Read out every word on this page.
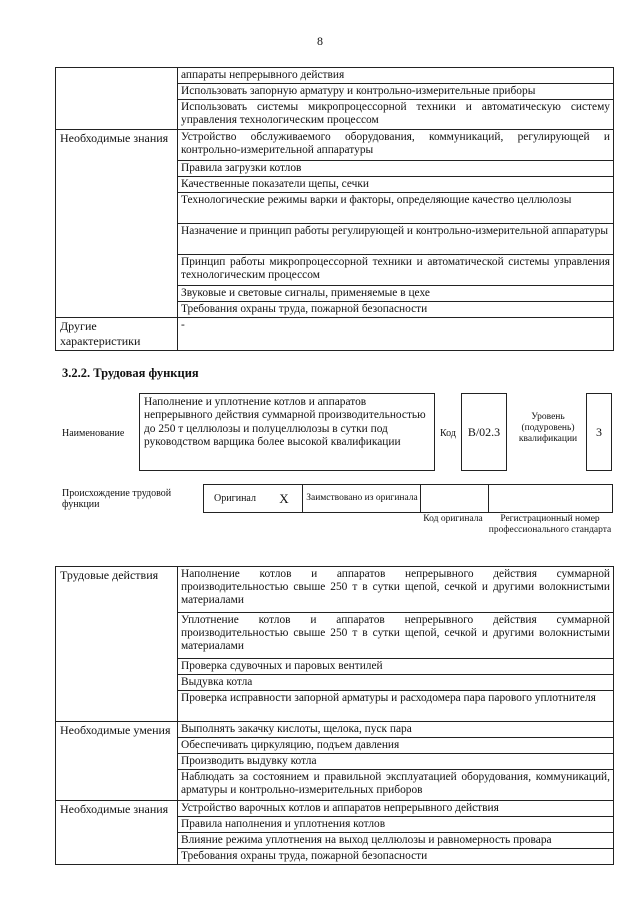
8
	аппараты непрерывного действия
	Использовать запорную арматуру и контрольно-измерительные приборы
	Использовать системы микропроцессорной техники и автоматическую систему управления технологическим процессом
Необходимые знания	Устройство обслуживаемого оборудования, коммуникаций, регулирующей и контрольно-измерительной аппаратуры
	Правила загрузки котлов
	Качественные показатели щепы, сечки
	Технологические режимы варки и факторы, определяющие качество целлюлозы
	Назначение и принцип работы регулирующей и контрольно-измерительной аппаратуры
	Принцип работы микропроцессорной техники и автоматической системы управления технологическим процессом
	Звуковые и световые сигналы, применяемые в цехе
	Требования охраны труда, пожарной безопасности
Другие характеристики	-
3.2.2. Трудовая функция
Наименование
Наполнение и уплотнение котлов и аппаратов непрерывного действия суммарной производительностью до 250 т целлюлозы и полуцеллюлозы в сутки под руководством варщика более высокой квалификации
Код B/02.3
Уровень (подуровень) квалификации	3
Происхождение трудовой функции
Оригинал	X	Заимствовано из оригинала
Код оригинала	Регистрационный номер профессионального стандарта
Трудовые действия	Наполнение котлов и аппаратов непрерывного действия суммарной производительностью свыше 250 т в сутки щепой, сечкой и другими волокнистыми материалами
	Уплотнение котлов и аппаратов непрерывного действия суммарной производительностью свыше 250 т в сутки щепой, сечкой и другими волокнистыми материалами
	Проверка сдувочных и паровых вентилей
	Выдувка котла
	Проверка исправности запорной арматуры и расходомера пара парового уплотнителя
Необходимые умения	Выполнять закачку кислоты, щелока, пуск пара
	Обеспечивать циркуляцию, подъем давления
	Производить выдувку котла
	Наблюдать за состоянием и правильной эксплуатацией оборудования, коммуникаций, арматуры и контрольно-измерительных приборов
Необходимые знания	Устройство варочных котлов и аппаратов непрерывного действия
	Правила наполнения и уплотнения котлов
	Влияние режима уплотнения на выход целлюлозы и равномерность провара
	Требования охраны труда, пожарной безопасности
